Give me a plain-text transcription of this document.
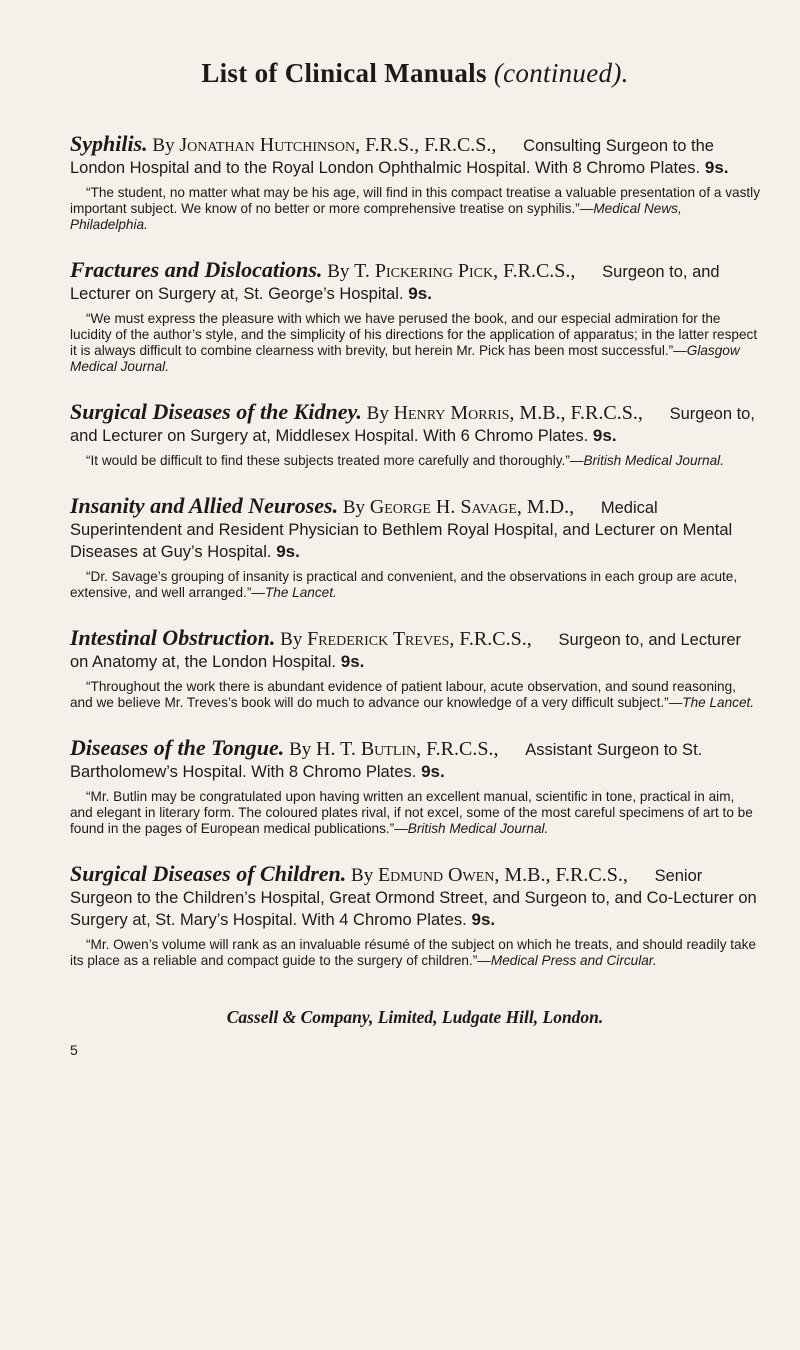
List of Clinical Manuals (continued).
Syphilis. By Jonathan Hutchinson, F.R.S., F.R.C.S., Consulting Surgeon to the London Hospital and to the Royal London Ophthalmic Hospital. With 8 Chromo Plates. 9s.
“The student, no matter what may be his age, will find in this compact treatise a valuable presentation of a vastly important subject. We know of no better or more comprehensive treatise on syphilis.”—Medical News, Philadelphia.
Fractures and Dislocations. By T. Pickering Pick, F.R.C.S., Surgeon to, and Lecturer on Surgery at, St. George’s Hospital. 9s.
“We must express the pleasure with which we have perused the book, and our especial admiration for the lucidity of the author’s style, and the simplicity of his directions for the application of apparatus; in the latter respect it is always difficult to combine clearness with brevity, but herein Mr. Pick has been most successful.”—Glasgow Medical Journal.
Surgical Diseases of the Kidney. By Henry Morris, M.B., F.R.C.S., Surgeon to, and Lecturer on Surgery at, Middlesex Hospital. With 6 Chromo Plates. 9s.
“It would be difficult to find these subjects treated more carefully and thoroughly.”—British Medical Journal.
Insanity and Allied Neuroses. By George H. Savage, M.D., Medical Superintendent and Resident Physician to Bethlem Royal Hospital, and Lecturer on Mental Diseases at Guy’s Hospital. 9s.
“Dr. Savage’s grouping of insanity is practical and convenient, and the observations in each group are acute, extensive, and well arranged.”—The Lancet.
Intestinal Obstruction. By Frederick Treves, F.R.C.S., Surgeon to, and Lecturer on Anatomy at, the London Hospital. 9s.
“Throughout the work there is abundant evidence of patient labour, acute observation, and sound reasoning, and we believe Mr. Treves’s book will do much to advance our knowledge of a very difficult subject.”—The Lancet.
Diseases of the Tongue. By H. T. Butlin, F.R.C.S., Assistant Surgeon to St. Bartholomew’s Hospital. With 8 Chromo Plates. 9s.
“Mr. Butlin may be congratulated upon having written an excellent manual, scientific in tone, practical in aim, and elegant in literary form. The coloured plates rival, if not excel, some of the most careful specimens of art to be found in the pages of European medical publications.”—British Medical Journal.
Surgical Diseases of Children. By Edmund Owen, M.B., F.R.C.S., Senior Surgeon to the Children’s Hospital, Great Ormond Street, and Surgeon to, and Co-Lecturer on Surgery at, St. Mary’s Hospital. With 4 Chromo Plates. 9s.
“Mr. Owen’s volume will rank as an invaluable résumé of the subject on which he treats, and should readily take its place as a reliable and compact guide to the surgery of children.”—Medical Press and Circular.
Cassell & Company, Limited, Ludgate Hill, London.
5
